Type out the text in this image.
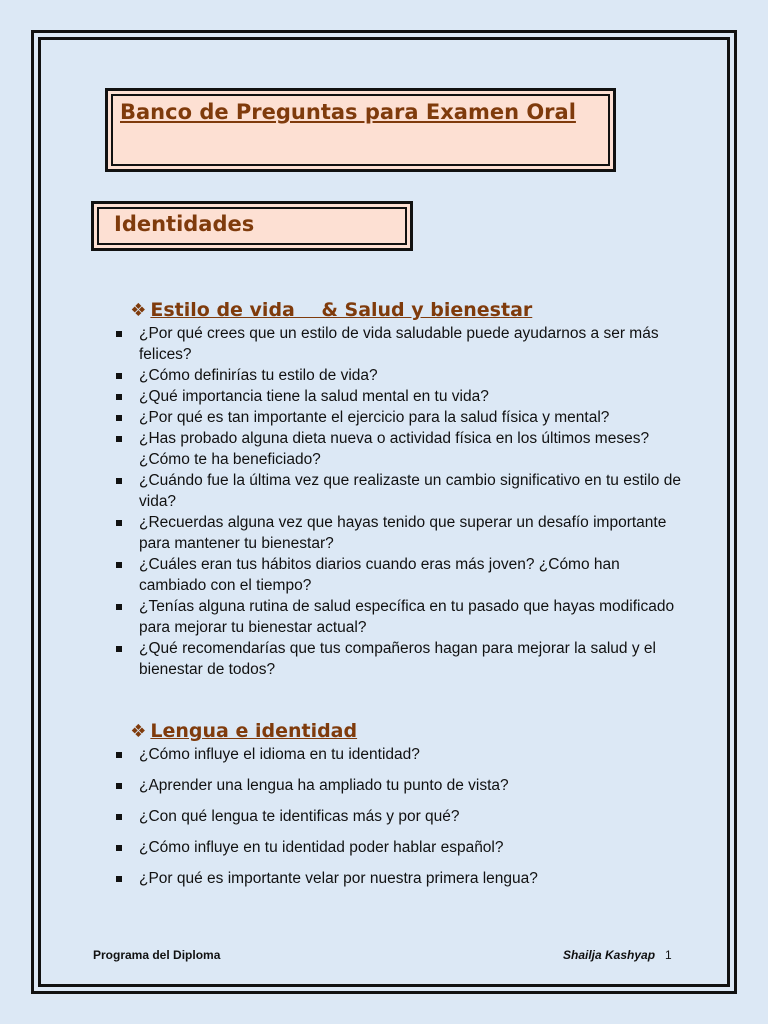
Banco de Preguntas para Examen Oral
Identidades

❖ Estilo de vida    & Salud y bienestar

¿Por qué crees que un estilo de vida saludable puede ayudarnos a ser más felices?
¿Cómo definirías tu estilo de vida?
¿Qué importancia tiene la salud mental en tu vida?
¿Por qué es tan importante el ejercicio para la salud física y mental?
¿Has probado alguna dieta nueva o actividad física en los últimos meses? ¿Cómo te ha beneficiado?
¿Cuándo fue la última vez que realizaste un cambio significativo en tu estilo de vida?
¿Recuerdas alguna vez que hayas tenido que superar un desafío importante para mantener tu bienestar?
¿Cuáles eran tus hábitos diarios cuando eras más joven? ¿Cómo han cambiado con el tiempo?
¿Tenías alguna rutina de salud específica en tu pasado que hayas modificado para mejorar tu bienestar actual?
¿Qué recomendarías que tus compañeros hagan para mejorar la salud y el bienestar de todos?

❖ Lengua e identidad

¿Cómo influye el idioma en tu identidad?
¿Aprender una lengua ha ampliado tu punto de vista?
¿Con qué lengua te identificas más y por qué?
¿Cómo influye en tu identidad poder hablar español?
¿Por qué es importante velar por nuestra primera lengua?
Programa del Diploma	Shailja Kashyap 1
